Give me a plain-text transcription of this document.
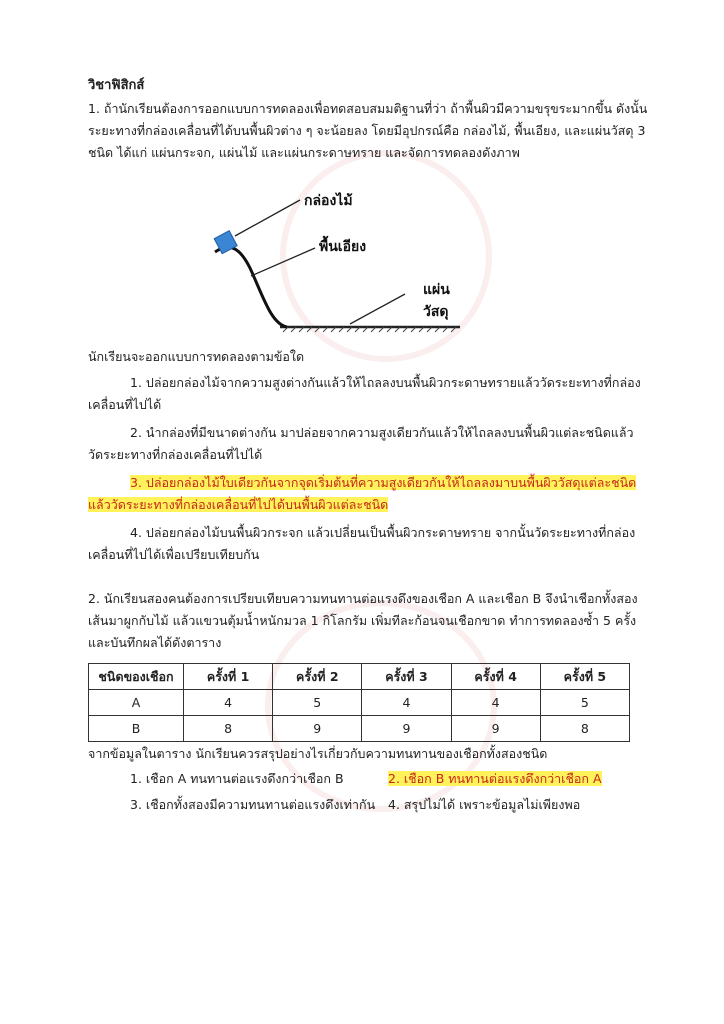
วิชาฟิสิกส์
1. ถ้านักเรียนต้องการออกแบบการทดลองเพื่อทดสอบสมมติฐานที่ว่า ถ้าพื้นผิวมีความขรุขระมากขึ้น ดังนั้นระยะทางที่กล่องเคลื่อนที่ได้บนพื้นผิวต่าง ๆ จะน้อยลง โดยมีอุปกรณ์คือ กล่องไม้, พื้นเอียง, และแผ่นวัสดุ 3 ชนิด ได้แก่ แผ่นกระจก, แผ่นไม้ และแผ่นกระดาษทราย และจัดการทดลองดังภาพ
กล่องไม้
พื้นเอียง
แผ่นวัสดุ
นักเรียนจะออกแบบการทดลองตามข้อใด
1. ปล่อยกล่องไม้จากความสูงต่างกันแล้วให้ไถลลงบนพื้นผิวกระดาษทรายแล้ววัดระยะทางที่กล่องเคลื่อนที่ไปได้
2. นำกล่องที่มีขนาดต่างกัน มาปล่อยจากความสูงเดียวกันแล้วให้ไถลลงบนพื้นผิวแต่ละชนิดแล้ววัดระยะทางที่กล่องเคลื่อนที่ไปได้
3. ปล่อยกล่องไม้ใบเดียวกันจากจุดเริ่มต้นที่ความสูงเดียวกันให้ไถลลงมาบนพื้นผิววัสดุแต่ละชนิดแล้ววัดระยะทางที่กล่องเคลื่อนที่ไปได้บนพื้นผิวแต่ละชนิด
4. ปล่อยกล่องไม้บนพื้นผิวกระจก แล้วเปลี่ยนเป็นพื้นผิวกระดาษทราย จากนั้นวัดระยะทางที่กล่องเคลื่อนที่ไปได้เพื่อเปรียบเทียบกัน
2. นักเรียนสองคนต้องการเปรียบเทียบความทนทานต่อแรงดึงของเชือก A และเชือก B จึงนำเชือกทั้งสองเส้นมาผูกกับไม้ แล้วแขวนตุ้มน้ำหนักมวล 1 กิโลกรัม เพิ่มทีละก้อนจนเชือกขาด ทำการทดลองซ้ำ 5 ครั้งและบันทึกผลได้ดังตาราง
ชนิดของเชือก	ครั้งที่ 1	ครั้งที่ 2	ครั้งที่ 3	ครั้งที่ 4	ครั้งที่ 5
A	4	5	4	4	5
B	8	9	9	9	8
จากข้อมูลในตาราง นักเรียนควรสรุปอย่างไรเกี่ยวกับความทนทานของเชือกทั้งสองชนิด
1. เชือก A ทนทานต่อแรงดึงกว่าเชือก B	2. เชือก B ทนทานต่อแรงดึงกว่าเชือก A
3. เชือกทั้งสองมีความทนทานต่อแรงดึงเท่ากัน 4. สรุปไม่ได้ เพราะข้อมูลไม่เพียงพอ
